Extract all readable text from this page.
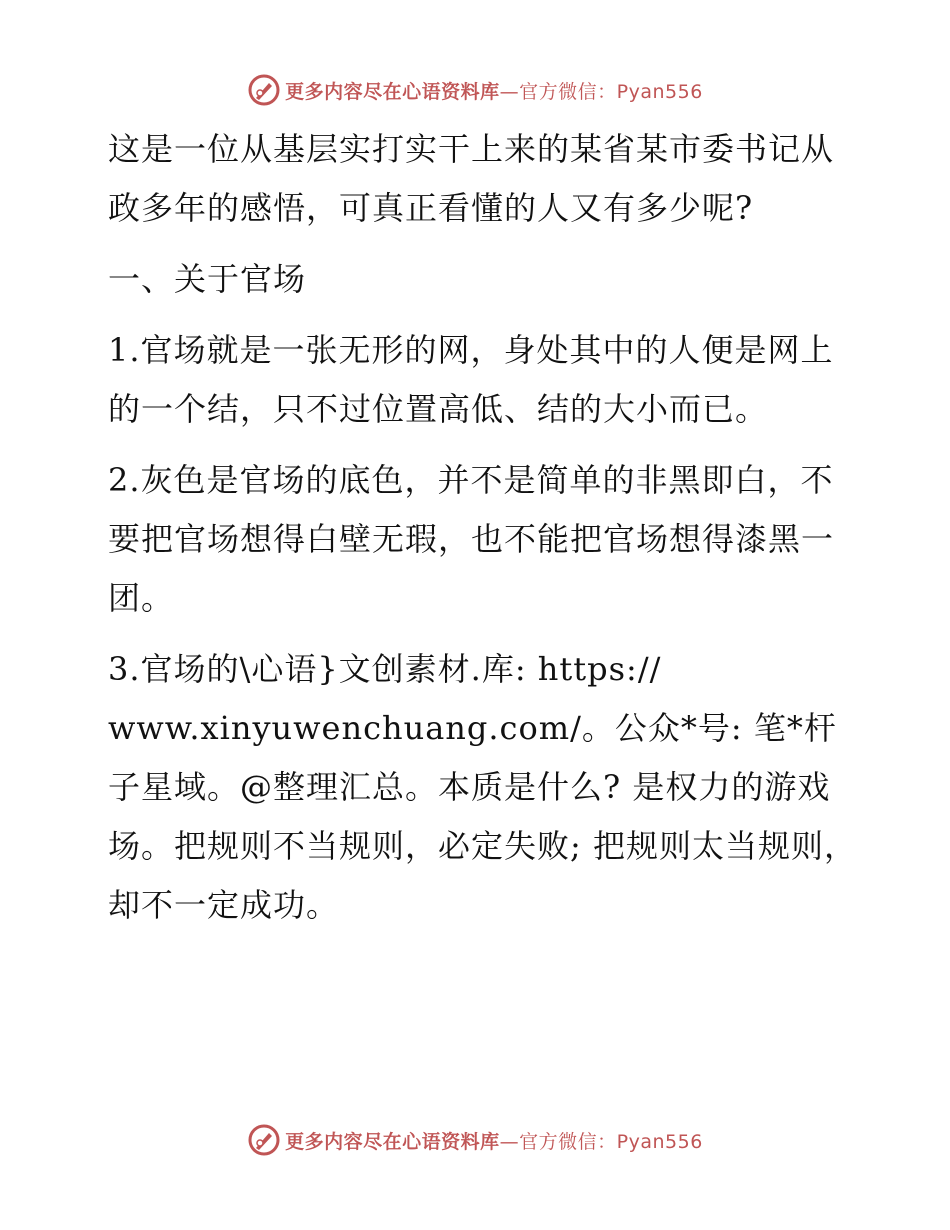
更多内容尽在心语资料库 —官方微信：Pyan556

这是一位从基层实打实干上来的某省某市委书记从政多年的感悟，可真正看懂的人又有多少呢?

一、关于官场

1.官场就是一张无形的网，身处其中的人便是网上的一个结，只不过位置高低、结的大小而已。

2.灰色是官场的底色，并不是简单的非黑即白，不要把官场想得白壁无瑕，也不能把官场想得漆黑一团。

3.官场的\心语}文创素材.库: https://
www.xinyuwenchuang.com/。公众*号: 笔*杆子星域。@整理汇总。本质是什么? 是权力的游戏场。把规则不当规则，必定失败; 把规则太当规则，却不一定成功。

更多内容尽在心语资料库 —官方微信：Pyan556
